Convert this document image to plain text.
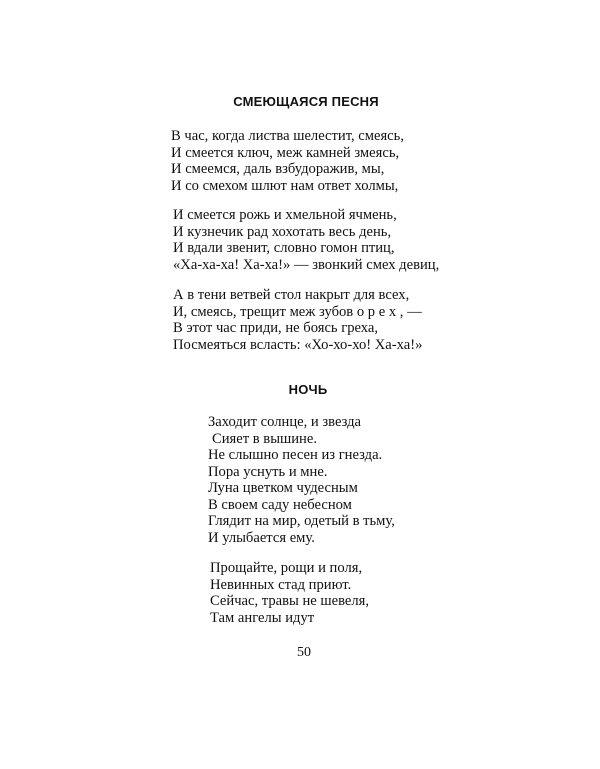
СМЕЮЩАЯСЯ ПЕСНЯ
В час, когда листва шелестит, смеясь,
И смеется ключ, меж камней змеясь,
И смеемся, даль взбудоражив, мы,
И со смехом шлют нам ответ холмы,
И смеется рожь и хмельной ячмень,
И кузнечик рад хохотать весь день,
И вдали звенит, словно гомон птиц,
«Ха-ха-ха! Ха-ха!» — звонкий смех девиц,
А в тени ветвей стол накрыт для всех,
И, смеясь, трещит меж зубов о р е х , —
В этот час приди, не боясь греха,
Посмеяться всласть: «Хо-хо-хо! Ха-ха!»
НОЧЬ
Заходит солнце, и звезда
Сияет в вышине.
Не слышно песен из гнезда.
Пора уснуть и мне.
Луна цветком чудесным
В своем саду небесном
Глядит на мир, одетый в тьму,
И улыбается ему.
Прощайте, рощи и поля,
Невинных стад приют.
Сейчас, травы не шевеля,
Там ангелы идут
50
